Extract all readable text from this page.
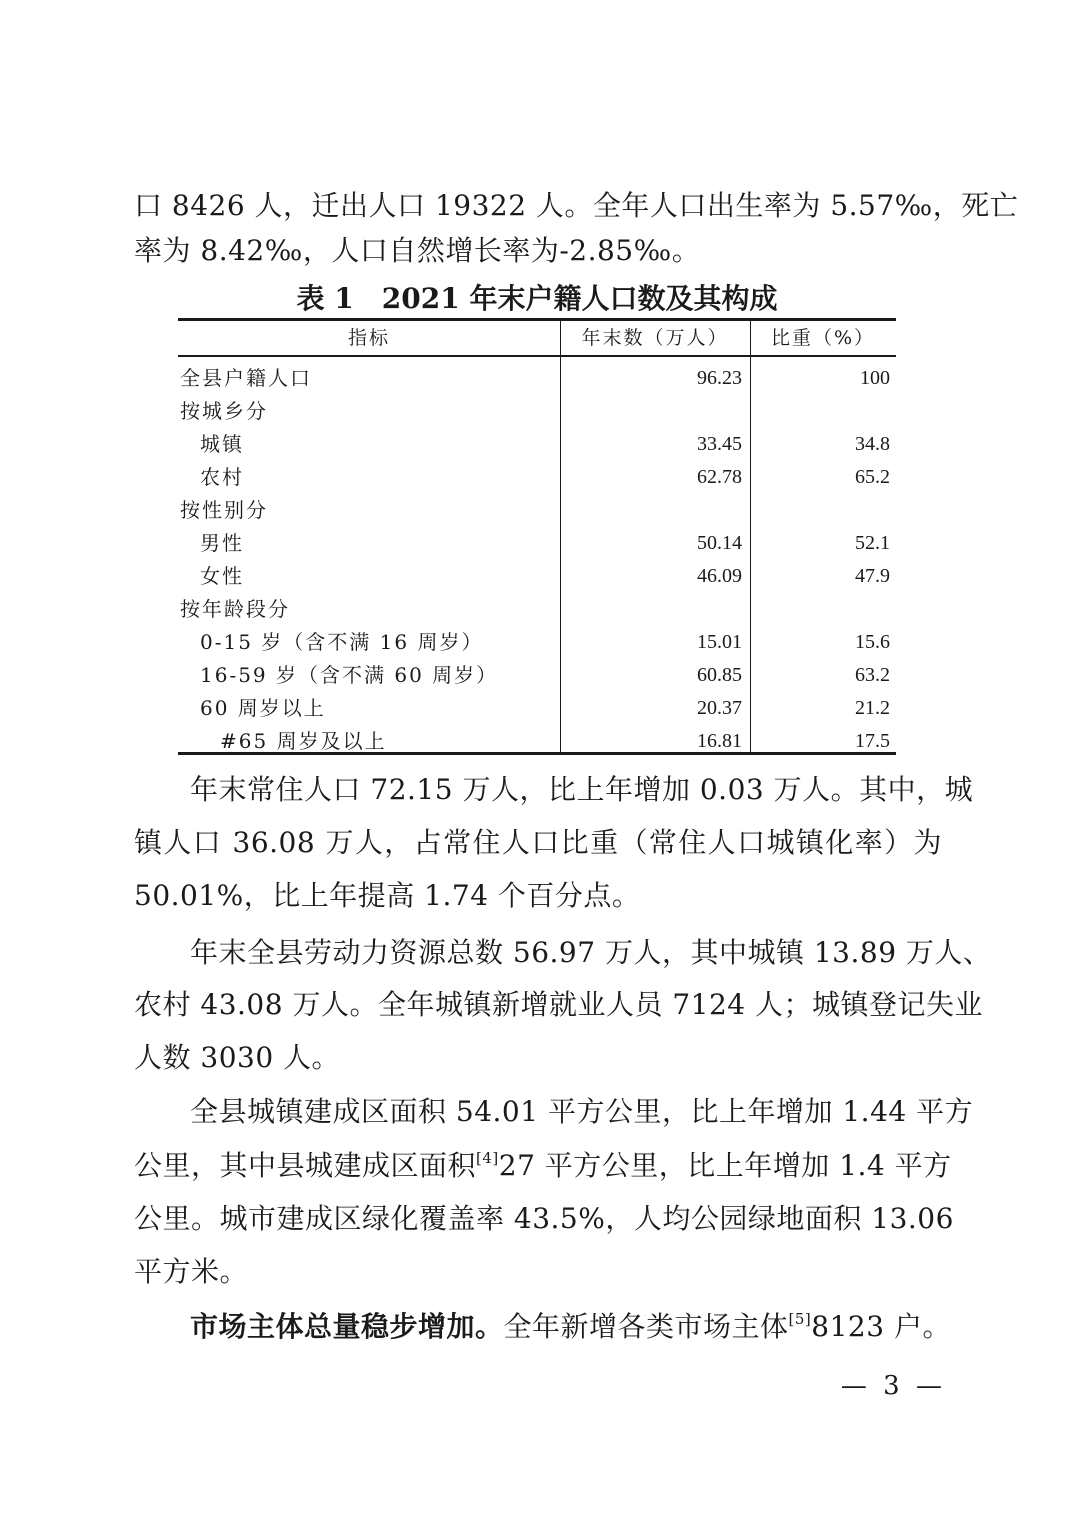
口 8426 人，迁出人口 19322 人。全年人口出生率为 5.57‰，死亡
率为 8.42‰，人口自然增长率为-2.85‰。
表 1　2021 年末户籍人口数及其构成
指标	年末数（万人）	比重（%）
全县户籍人口	96.23	100
按城乡分
城镇	33.45	34.8
农村	62.78	65.2
按性别分
男性	50.14	52.1
女性	46.09	47.9
按年龄段分
0-15 岁（含不满 16 周岁）	15.01	15.6
16-59 岁（含不满 60 周岁）	60.85	63.2
60 周岁以上	20.37	21.2
#65 周岁及以上	16.81	17.5
年末常住人口 72.15 万人，比上年增加 0.03 万人。其中，城
镇人口 36.08 万人，占常住人口比重（常住人口城镇化率）为
50.01%，比上年提高 1.74 个百分点。
年末全县劳动力资源总数 56.97 万人，其中城镇 13.89 万人、
农村 43.08 万人。全年城镇新增就业人员 7124 人；城镇登记失业
人数 3030 人。
全县城镇建成区面积 54.01 平方公里，比上年增加 1.44 平方
公里，其中县城建成区面积[4]27 平方公里，比上年增加 1.4 平方
公里。城市建成区绿化覆盖率 43.5%，人均公园绿地面积 13.06
平方米。
市场主体总量稳步增加。全年新增各类市场主体[5]8123 户。
— 3 —
